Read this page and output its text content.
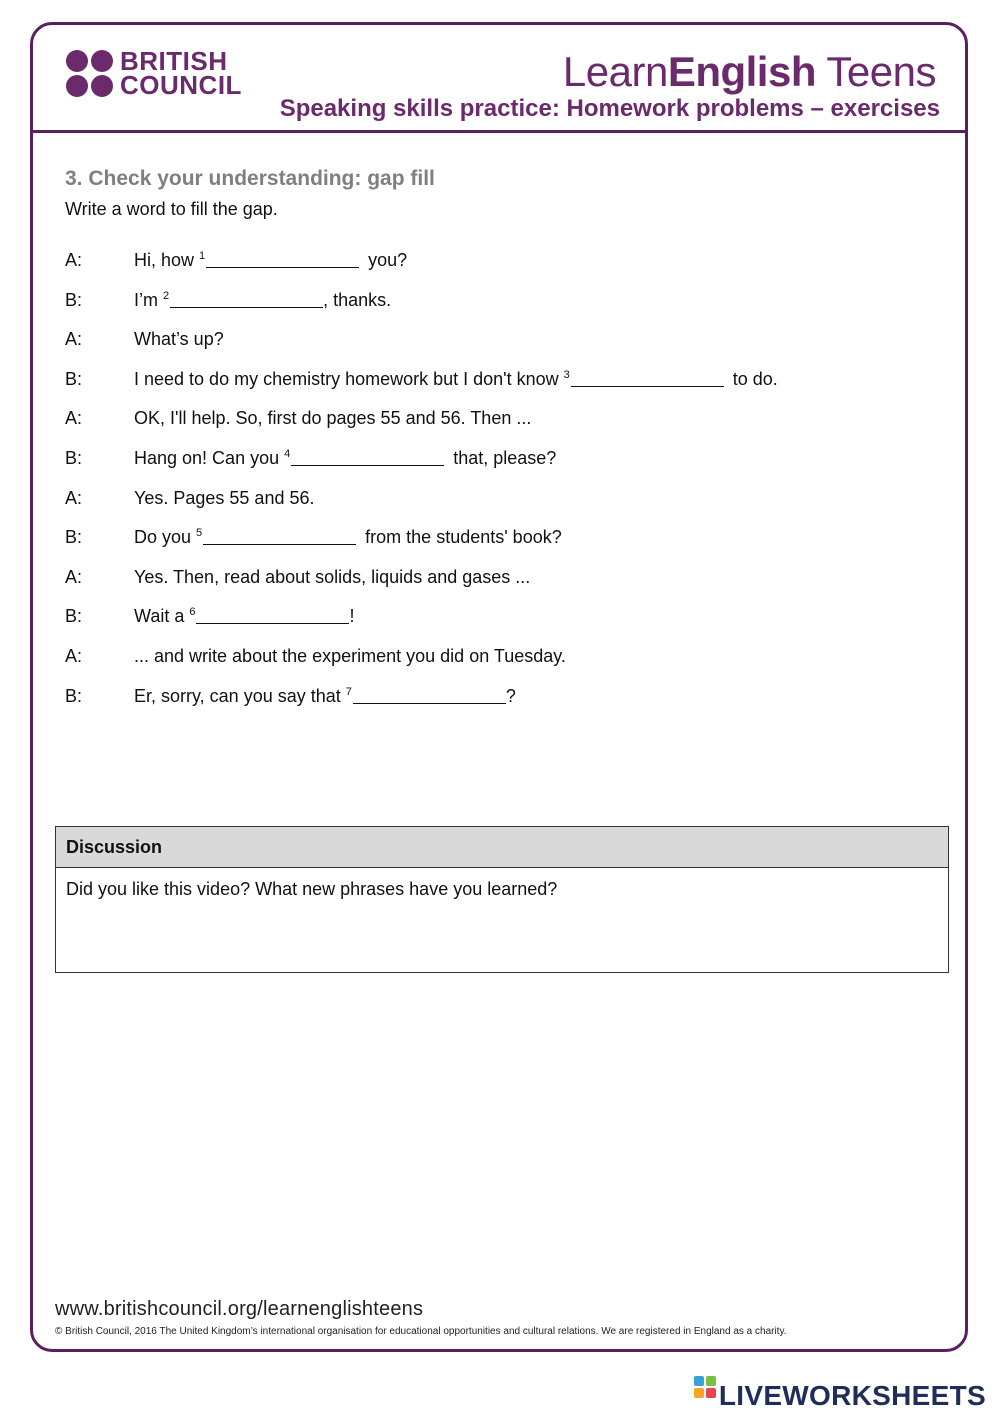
BRITISH
COUNCIL	LearnEnglish Teens
Speaking skills practice: Homework problems – exercises
3. Check your understanding: gap fill
Write a word to fill the gap.
A:	Hi, how $^1$	you?
B:	I’m $^2$	, thanks.
A:	What’s up?
B:	I need to do my chemistry homework but I don't know $^3$	to do.
A:	OK, I'll help. So, first do pages 55 and 56. Then ...
B:	Hang on! Can you $^4$	that, please?
A:	Yes. Pages 55 and 56.
B:	Do you $^5$	from the students' book?
A:	Yes. Then, read about solids, liquids and gases ...
B:	Wait a $^6$	!
A:	... and write about the experiment you did on Tuesday.
B:	Er, sorry, can you say that $^7$	?
Discussion
Did you like this video? What new phrases have you learned?
www.britishcouncil.org/learnenglishteens
© British Council, 2016 The United Kingdom’s international organisation for educational opportunities and cultural relations. We are registered in England as a charity.
LIVEWORKSHEETS
